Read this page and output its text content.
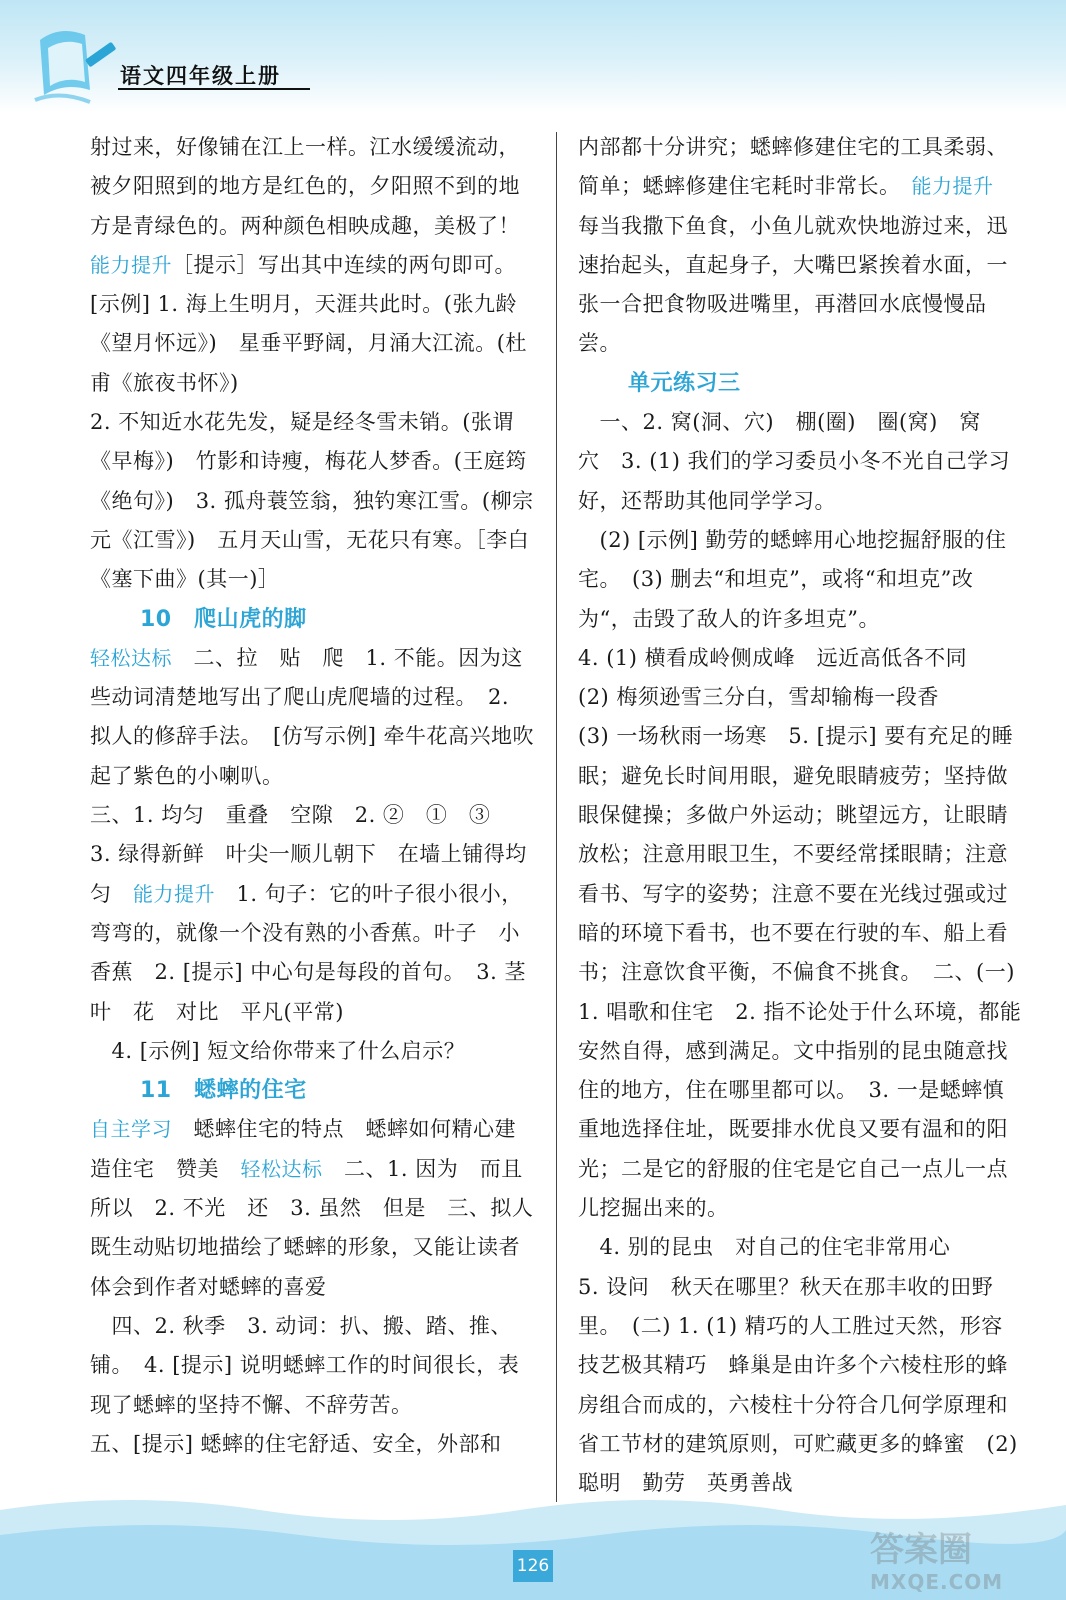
语文四年级上册

射过来，好像铺在江上一样。江水缓缓流动，被夕阳照到的地方是红色的，夕阳照不到的地方是青绿色的。两种颜色相映成趣，美极了！能力提升［提示］写出其中连续的两句即可。[示例] 1. 海上生明月，天涯共此时。(张九龄《望月怀远》)　星垂平野阔，月涌大江流。(杜甫《旅夜书怀》)
2. 不知近水花先发，疑是经冬雪未销。(张谓《早梅》)　竹影和诗瘦，梅花人梦香。(王庭筠《绝句》)　3. 孤舟蓑笠翁，独钓寒江雪。(柳宗元《江雪》)　五月天山雪，无花只有寒。［李白《塞下曲》(其一)］

10　爬山虎的脚

轻松达标　二、拉　贴　爬　1. 不能。因为这些动词清楚地写出了爬山虎爬墙的过程。　2. 拟人的修辞手法。　[仿写示例] 牵牛花高兴地吹起了紫色的小喇叭。
三、1. 均匀　重叠　空隙　2. ②　①　③
3. 绿得新鲜　叶尖一顺儿朝下　在墙上铺得均匀　能力提升　1. 句子：它的叶子很小很小，弯弯的，就像一个没有熟的小香蕉。叶子　小香蕉　2. [提示] 中心句是每段的首句。　3. 茎　叶　花　对比　平凡(平常)
　4. [示例] 短文给你带来了什么启示？

11　蟋蟀的住宅

自主学习　蟋蟀住宅的特点　蟋蟀如何精心建造住宅　赞美　轻松达标　二、1. 因为　而且　所以　2. 不光　还　3. 虽然　但是　三、拟人　既生动贴切地描绘了蟋蟀的形象，又能让读者体会到作者对蟋蟀的喜爱
　四、2. 秋季　3. 动词：扒、搬、踏、推、铺。　4. [提示] 说明蟋蟀工作的时间很长，表现了蟋蟀的坚持不懈、不辞劳苦。
五、[提示] 蟋蟀的住宅舒适、安全，外部和

内部都十分讲究；蟋蟀修建住宅的工具柔弱、简单；蟋蟀修建住宅耗时非常长。　能力提升　每当我撒下鱼食，小鱼儿就欢快地游过来，迅速抬起头，直起身子，大嘴巴紧挨着水面，一张一合把食物吸进嘴里，再潜回水底慢慢品尝。

单元练习三

　一、2. 窝(洞、穴)　棚(圈)　圈(窝)　窝　穴　3. (1) 我们的学习委员小冬不光自己学习好，还帮助其他同学学习。
　(2) [示例] 勤劳的蟋蟀用心地挖掘舒服的住宅。　(3) 删去“和坦克”，或将“和坦克”改为“，击毁了敌人的许多坦克”。
4. (1) 横看成岭侧成峰　远近高低各不同
(2) 梅须逊雪三分白，雪却输梅一段香
(3) 一场秋雨一场寒　5. [提示] 要有充足的睡眠；避免长时间用眼，避免眼睛疲劳；坚持做眼保健操；多做户外运动；眺望远方，让眼睛放松；注意用眼卫生，不要经常揉眼睛；注意看书、写字的姿势；注意不要在光线过强或过暗的环境下看书，也不要在行驶的车、船上看书；注意饮食平衡，不偏食不挑食。　二、(一) 1. 唱歌和住宅　2. 指不论处于什么环境，都能安然自得，感到满足。文中指别的昆虫随意找住的地方，住在哪里都可以。　3. 一是蟋蟀慎重地选择住址，既要排水优良又要有温和的阳光；二是它的舒服的住宅是它自己一点儿一点儿挖掘出来的。
　4. 别的昆虫　对自己的住宅非常用心
5. 设问　秋天在哪里？秋天在那丰收的田野里。　(二) 1. (1) 精巧的人工胜过天然，形容技艺极其精巧　蜂巢是由许多个六棱柱形的蜂房组合而成的，六棱柱十分符合几何学原理和省工节材的建筑原则，可贮藏更多的蜂蜜　(2) 聪明　勤劳　英勇善战

126	答案圈
MXQE.COM
